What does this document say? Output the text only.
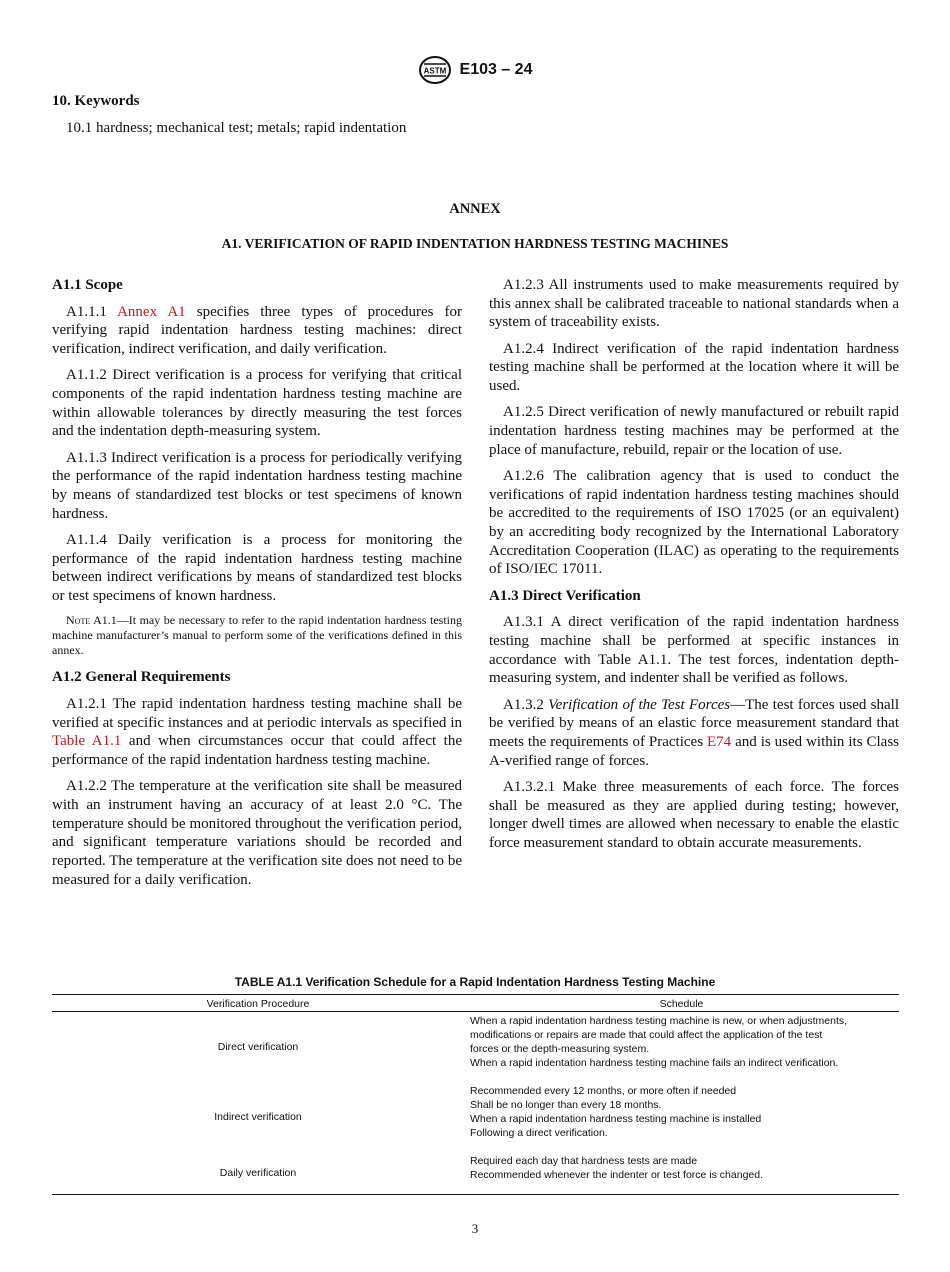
ASTM E103 – 24
10. Keywords
10.1 hardness; mechanical test; metals; rapid indentation
ANNEX
A1. VERIFICATION OF RAPID INDENTATION HARDNESS TESTING MACHINES
A1.1 Scope

A1.1.1 Annex A1 specifies three types of procedures for verifying rapid indentation hardness testing machines: direct verification, indirect verification, and daily verification.

A1.1.2 Direct verification is a process for verifying that critical components of the rapid indentation hardness testing machine are within allowable tolerances by directly measuring the test forces and the indentation depth-measuring system.

A1.1.3 Indirect verification is a process for periodically verifying the performance of the rapid indentation hardness testing machine by means of standardized test blocks or test specimens of known hardness.

A1.1.4 Daily verification is a process for monitoring the performance of the rapid indentation hardness testing machine between indirect verifications by means of standardized test blocks or test specimens of known hardness.

Note A1.1—It may be necessary to refer to the rapid indentation hardness testing machine manufacturer’s manual to perform some of the verifications defined in this annex.

A1.2 General Requirements

A1.2.1 The rapid indentation hardness testing machine shall be verified at specific instances and at periodic intervals as specified in Table A1.1 and when circumstances occur that could affect the performance of the rapid indentation hardness testing machine.

A1.2.2 The temperature at the verification site shall be measured with an instrument having an accuracy of at least 2.0 °C. The temperature should be monitored throughout the verification period, and significant temperature variations should be recorded and reported. The temperature at the verification site does not need to be measured for a daily verification.

A1.2.3 All instruments used to make measurements required by this annex shall be calibrated traceable to national standards when a system of traceability exists.

A1.2.4 Indirect verification of the rapid indentation hardness testing machine shall be performed at the location where it will be used.

A1.2.5 Direct verification of newly manufactured or rebuilt rapid indentation hardness testing machines may be performed at the place of manufacture, rebuild, repair or the location of use.

A1.2.6 The calibration agency that is used to conduct the verifications of rapid indentation hardness testing machines should be accredited to the requirements of ISO 17025 (or an equivalent) by an accrediting body recognized by the International Laboratory Accreditation Cooperation (ILAC) as operating to the requirements of ISO/IEC 17011.

A1.3 Direct Verification

A1.3.1 A direct verification of the rapid indentation hardness testing machine shall be performed at specific instances in accordance with Table A1.1. The test forces, indentation depth-measuring system, and indenter shall be verified as follows.

A1.3.2 Verification of the Test Forces—The test forces used shall be verified by means of an elastic force measurement standard that meets the requirements of Practices E74 and is used within its Class A-verified range of forces.

A1.3.2.1 Make three measurements of each force. The forces shall be measured as they are applied during testing; however, longer dwell times are allowed when necessary to enable the elastic force measurement standard to obtain accurate measurements.

TABLE A1.1 Verification Schedule for a Rapid Indentation Hardness Testing Machine
Verification Procedure	Schedule
Direct verification	When a rapid indentation hardness testing machine is new, or when adjustments,
modifications or repairs are made that could affect the application of the test
forces or the depth-measuring system.
When a rapid indentation hardness testing machine fails an indirect verification.

Indirect verification	Recommended every 12 months, or more often if needed
Shall be no longer than every 18 months.
When a rapid indentation hardness testing machine is installed
Following a direct verification.

Daily verification	Required each day that hardness tests are made
Recommended whenever the indenter or test force is changed.
3
